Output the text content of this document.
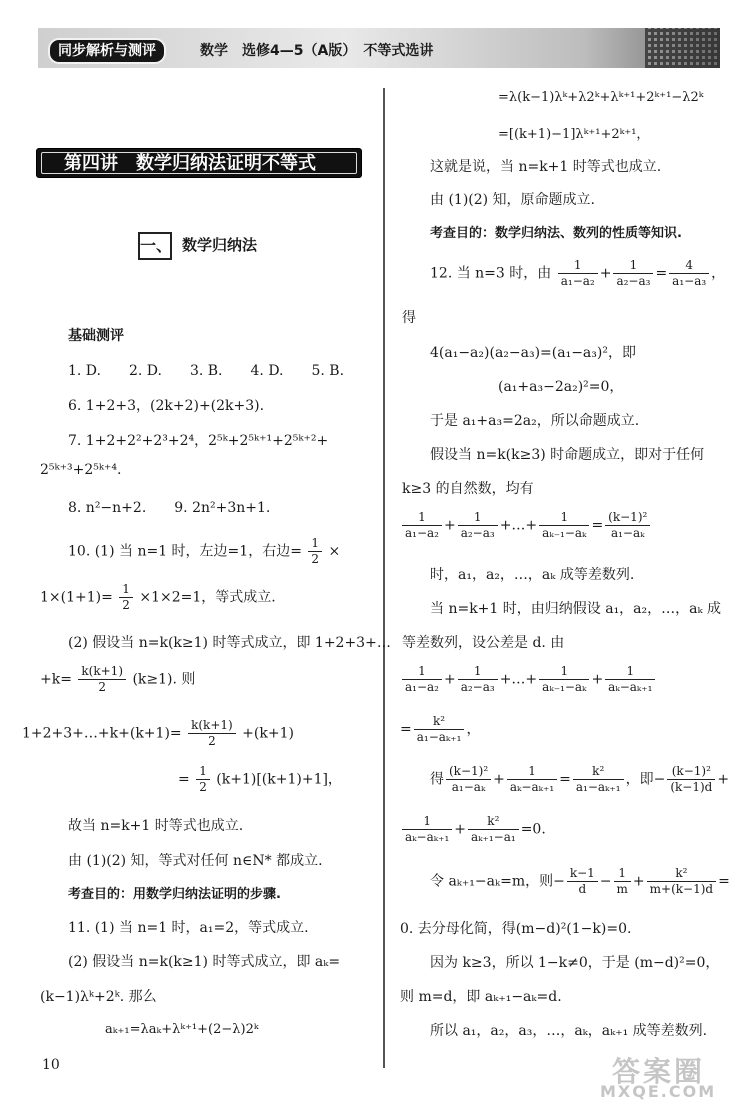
同步解析与测评	数学　选修4—5（A版）　不等式选讲
第四讲　数学归纳法证明不等式
一、 数学归纳法
基础测评
1. D.　　2. D.　　3. B.　　4. D.　　5. B.
6. 1+2+3，(2k+2)+(2k+3).
7. 1+2+2²+2³+2⁴，2⁵ᵏ+2⁵ᵏ⁺¹+2⁵ᵏ⁺²+
2⁵ᵏ⁺³+2⁵ᵏ⁺⁴.
8. n²−n+2.　　9. 2n²+3n+1.
10. (1) 当 n=1 时，左边=1，右边= $\frac{1}{2}$ ×
$1\times(1+1)= \frac{1}{2} \times 1\times 2=1$，等式成立.
(2) 假设当 n=k(k≥1) 时等式成立，即 1+2+3+…
$+k= \frac{k(k+1)}{2} (k\ge 1)$. 则
1+2+3+…+k+(k+1)= $\frac{k(k+1)}{2} +(k+1)$
= $\frac{1}{2} (k+1)[(k+1)+1]$，
故当 n=k+1 时等式也成立.
由 (1)(2) 知，等式对任何 n∈N* 都成立.
考查目的：用数学归纳法证明的步骤.
11. (1) 当 n=1 时，a₁=2，等式成立.
(2) 假设当 n=k(k≥1) 时等式成立，即 aₖ=
(k−1)λᵏ+2ᵏ. 那么
aₖ₊₁=λaₖ+λᵏ⁺¹+(2−λ)2ᵏ
10
=λ(k−1)λᵏ+λ2ᵏ+λᵏ⁺¹+2ᵏ⁺¹−λ2ᵏ
=[(k+1)−1]λᵏ⁺¹+2ᵏ⁺¹，
这就是说，当 n=k+1 时等式也成立.
由 (1)(2) 知，原命题成立.
考查目的：数学归纳法、数列的性质等知识.
12. 当 n=3 时，由 $\frac{1}{\text{a₁−a₂}} + \frac{1}{\text{a₂−a₃}} = \frac{4}{\text{a₁−a₃}}$ ，
得
4(a₁−a₂)(a₂−a₃)=(a₁−a₃)²，即
(a₁+a₃−2a₂)²=0，
于是 a₁+a₃=2a₂，所以命题成立.
假设当 n=k(k≥3) 时命题成立，即对于任何
k≥3 的自然数，均有
$\frac{1}{\text{a₁−a₂}} + \frac{1}{\text{a₂−a₃}}$ +…+ $\frac{1}{\text{aₖ₋₁−aₖ}} = \frac{\text{(k−1)²}}{\text{a₁−aₖ}}$
时，a₁，a₂，…，aₖ 成等差数列.
当 n=k+1 时，由归纳假设 a₁，a₂，…，aₖ 成
等差数列，设公差是 d. 由
$\frac{1}{\text{a₁−a₂}} + \frac{1}{\text{a₂−a₃}}$ +…+ $\frac{1}{\text{aₖ₋₁−aₖ}} + \frac{1}{\text{aₖ−aₖ₊₁}}$
= $\frac{\text{k²}}{\text{a₁−aₖ₊₁}}$ ，
得 $\frac{\text{(k−1)²}}{\text{a₁−aₖ}} + \frac{1}{\text{aₖ−aₖ₊₁}} = \frac{\text{k²}}{\text{a₁−aₖ₊₁}}$ ，即− $\frac{\text{(k−1)²}}{(k-1)d}$ +
$\frac{1}{\text{aₖ−aₖ₊₁}} + \frac{\text{k²}}{\text{aₖ₊₁−a₁}} =0$.
令 aₖ₊₁−aₖ=m，则− $\frac{k-1}{d} - \frac{1}{m} + \frac{\text{k²}}{m+(k-1)d}$ =
0. 去分母化简，得(m−d)²(1−k)=0.
因为 k≥3，所以 1−k≠0，于是 (m−d)²=0，
则 m=d，即 aₖ₊₁−aₖ=d.
所以 a₁，a₂，a₃，…，aₖ，aₖ₊₁ 成等差数列.
答案圈
MXQE.COM
